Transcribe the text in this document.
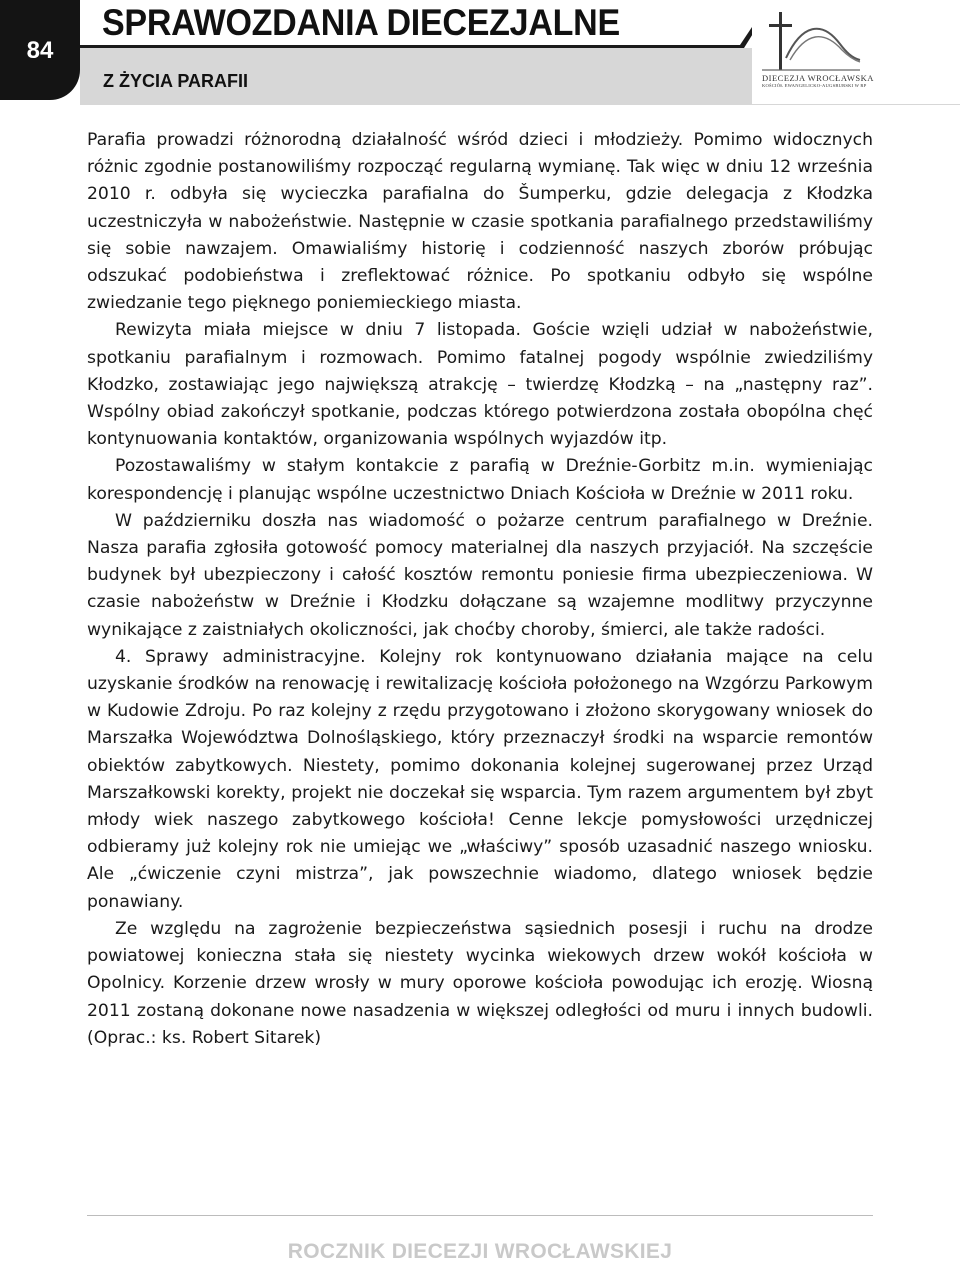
84
SPRAWOZDANIA DIECEZJALNE
Z ŻYCIA PARAFII	DIECEZJA WROCŁAWSKA
KOŚCIÓŁ EWANGELICKO-AUGSBURSKI W RP

Parafia prowadzi różnorodną działalność wśród dzieci i młodzieży. Pomimo widocznych różnic zgodnie postanowiliśmy rozpocząć regularną wymianę. Tak więc w dniu 12 września 2010 r. odbyła się wycieczka parafialna do Šumperku, gdzie delegacja z Kłodzka uczestniczyła w nabożeństwie. Następnie w czasie spotkania parafialnego przedstawiliśmy się sobie nawzajem. Omawialiśmy historię i codzienność naszych zborów próbując odszukać podobieństwa i zreflektować różnice. Po spotkaniu odbyło się wspólne zwiedzanie tego pięknego poniemieckiego miasta.

Rewizyta miała miejsce w dniu 7 listopada. Goście wzięli udział w nabożeństwie, spotkaniu parafialnym i rozmowach. Pomimo fatalnej pogody wspólnie zwiedziliśmy Kłodzko, zostawiając jego największą atrakcję – twierdzę Kłodzką – na „następny raz”. Wspólny obiad zakończył spotkanie, podczas którego potwierdzona została obopólna chęć kontynuowania kontaktów, organizowania wspólnych wyjazdów itp.

Pozostawaliśmy w stałym kontakcie z parafią w Dreźnie-Gorbitz m.in. wymieniając korespondencję i planując wspólne uczestnictwo Dniach Kościoła w Dreźnie w 2011 roku.

W październiku doszła nas wiadomość o pożarze centrum parafialnego w Dreźnie. Nasza parafia zgłosiła gotowość pomocy materialnej dla naszych przyjaciół. Na szczęście budynek był ubezpieczony i całość kosztów remontu poniesie firma ubezpieczeniowa. W czasie nabożeństw w Dreźnie i Kłodzku dołączane są wzajemne modlitwy przyczynne wynikające z zaistniałych okoliczności, jak choćby choroby, śmierci, ale także radości.

4. Sprawy administracyjne. Kolejny rok kontynuowano działania mające na celu uzyskanie środków na renowację i rewitalizację kościoła położonego na Wzgórzu Parkowym w Kudowie Zdroju. Po raz kolejny z rzędu przygotowano i złożono skorygowany wniosek do Marszałka Województwa Dolnośląskiego, który przeznaczył środki na wsparcie remontów obiektów zabytkowych. Niestety, pomimo dokonania kolejnej sugerowanej przez Urząd Marszałkowski korekty, projekt nie doczekał się wsparcia. Tym razem argumentem był zbyt młody wiek naszego zabytkowego kościoła! Cenne lekcje pomysłowości urzędniczej odbieramy już kolejny rok nie umiejąc we „właściwy” sposób uzasadnić naszego wniosku. Ale „ćwiczenie czyni mistrza”, jak powszechnie wiadomo, dlatego wniosek będzie ponawiany.

Ze względu na zagrożenie bezpieczeństwa sąsiednich posesji i ruchu na drodze powiatowej konieczna stała się niestety wycinka wiekowych drzew wokół kościoła w Opolnicy. Korzenie drzew wrosły w mury oporowe kościoła powodując ich erozję. Wiosną 2011 zostaną dokonane nowe nasadzenia w większej odległości od muru i innych budowli. (Oprac.: ks. Robert Sitarek)

ROCZNIK DIECEZJI WROCŁAWSKIEJ
